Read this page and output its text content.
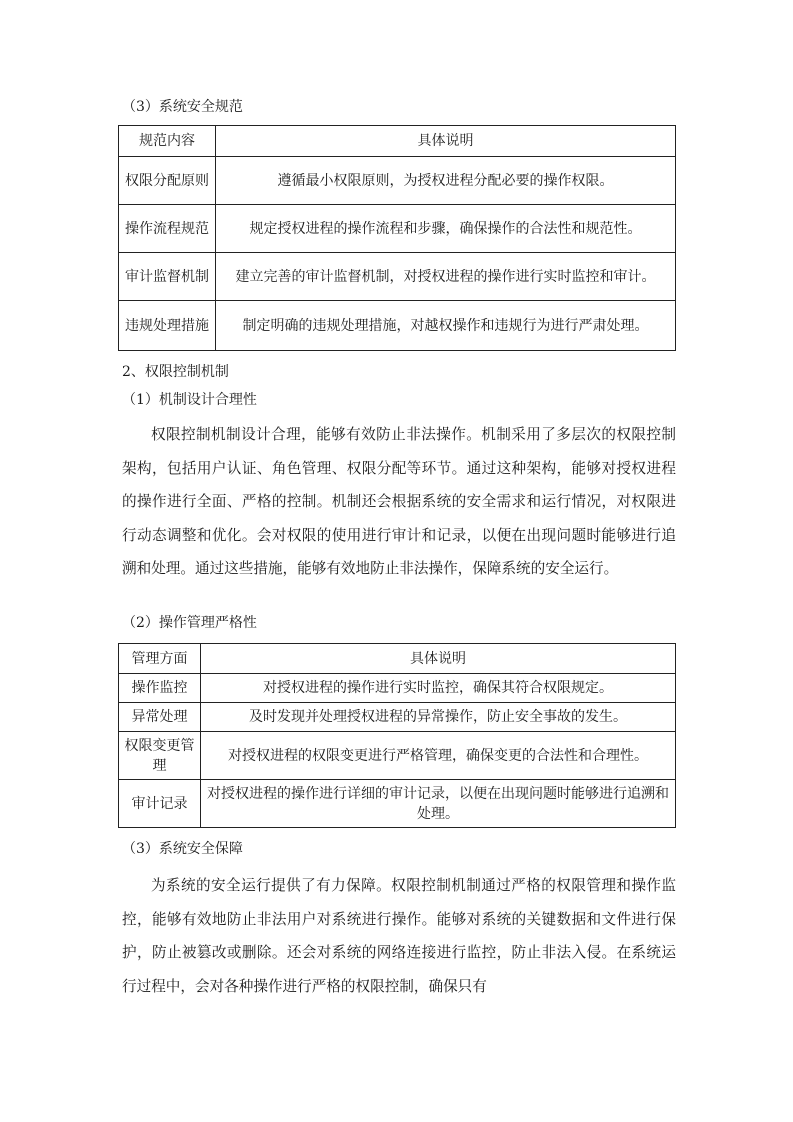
（3）系统安全规范
规范内容	具体说明
权限分配原则	遵循最小权限原则，为授权进程分配必要的操作权限。
操作流程规范	规定授权进程的操作流程和步骤，确保操作的合法性和规范性。
审计监督机制	建立完善的审计监督机制，对授权进程的操作进行实时监控和审计。
违规处理措施	制定明确的违规处理措施，对越权操作和违规行为进行严肃处理。
2、权限控制机制
（1）机制设计合理性

权限控制机制设计合理，能够有效防止非法操作。机制采用了多层次的权限控制架构，包括用户认证、角色管理、权限分配等环节。通过这种架构，能够对授权进程的操作进行全面、严格的控制。机制还会根据系统的安全需求和运行情况，对权限进行动态调整和优化。会对权限的使用进行审计和记录，以便在出现问题时能够进行追溯和处理。通过这些措施，能够有效地防止非法操作，保障系统的安全运行。

（2）操作管理严格性
管理方面	具体说明
操作监控	对授权进程的操作进行实时监控，确保其符合权限规定。
异常处理	及时发现并处理授权进程的异常操作，防止安全事故的发生。
权限变更管理	对授权进程的权限变更进行严格管理，确保变更的合法性和合理性。
审计记录	对授权进程的操作进行详细的审计记录，以便在出现问题时能够进行追溯和处理。
（3）系统安全保障

为系统的安全运行提供了有力保障。权限控制机制通过严格的权限管理和操作监控，能够有效地防止非法用户对系统进行操作。能够对系统的关键数据和文件进行保护，防止被篡改或删除。还会对系统的网络连接进行监控，防止非法入侵。在系统运行过程中，会对各种操作进行严格的权限控制，确保只有
